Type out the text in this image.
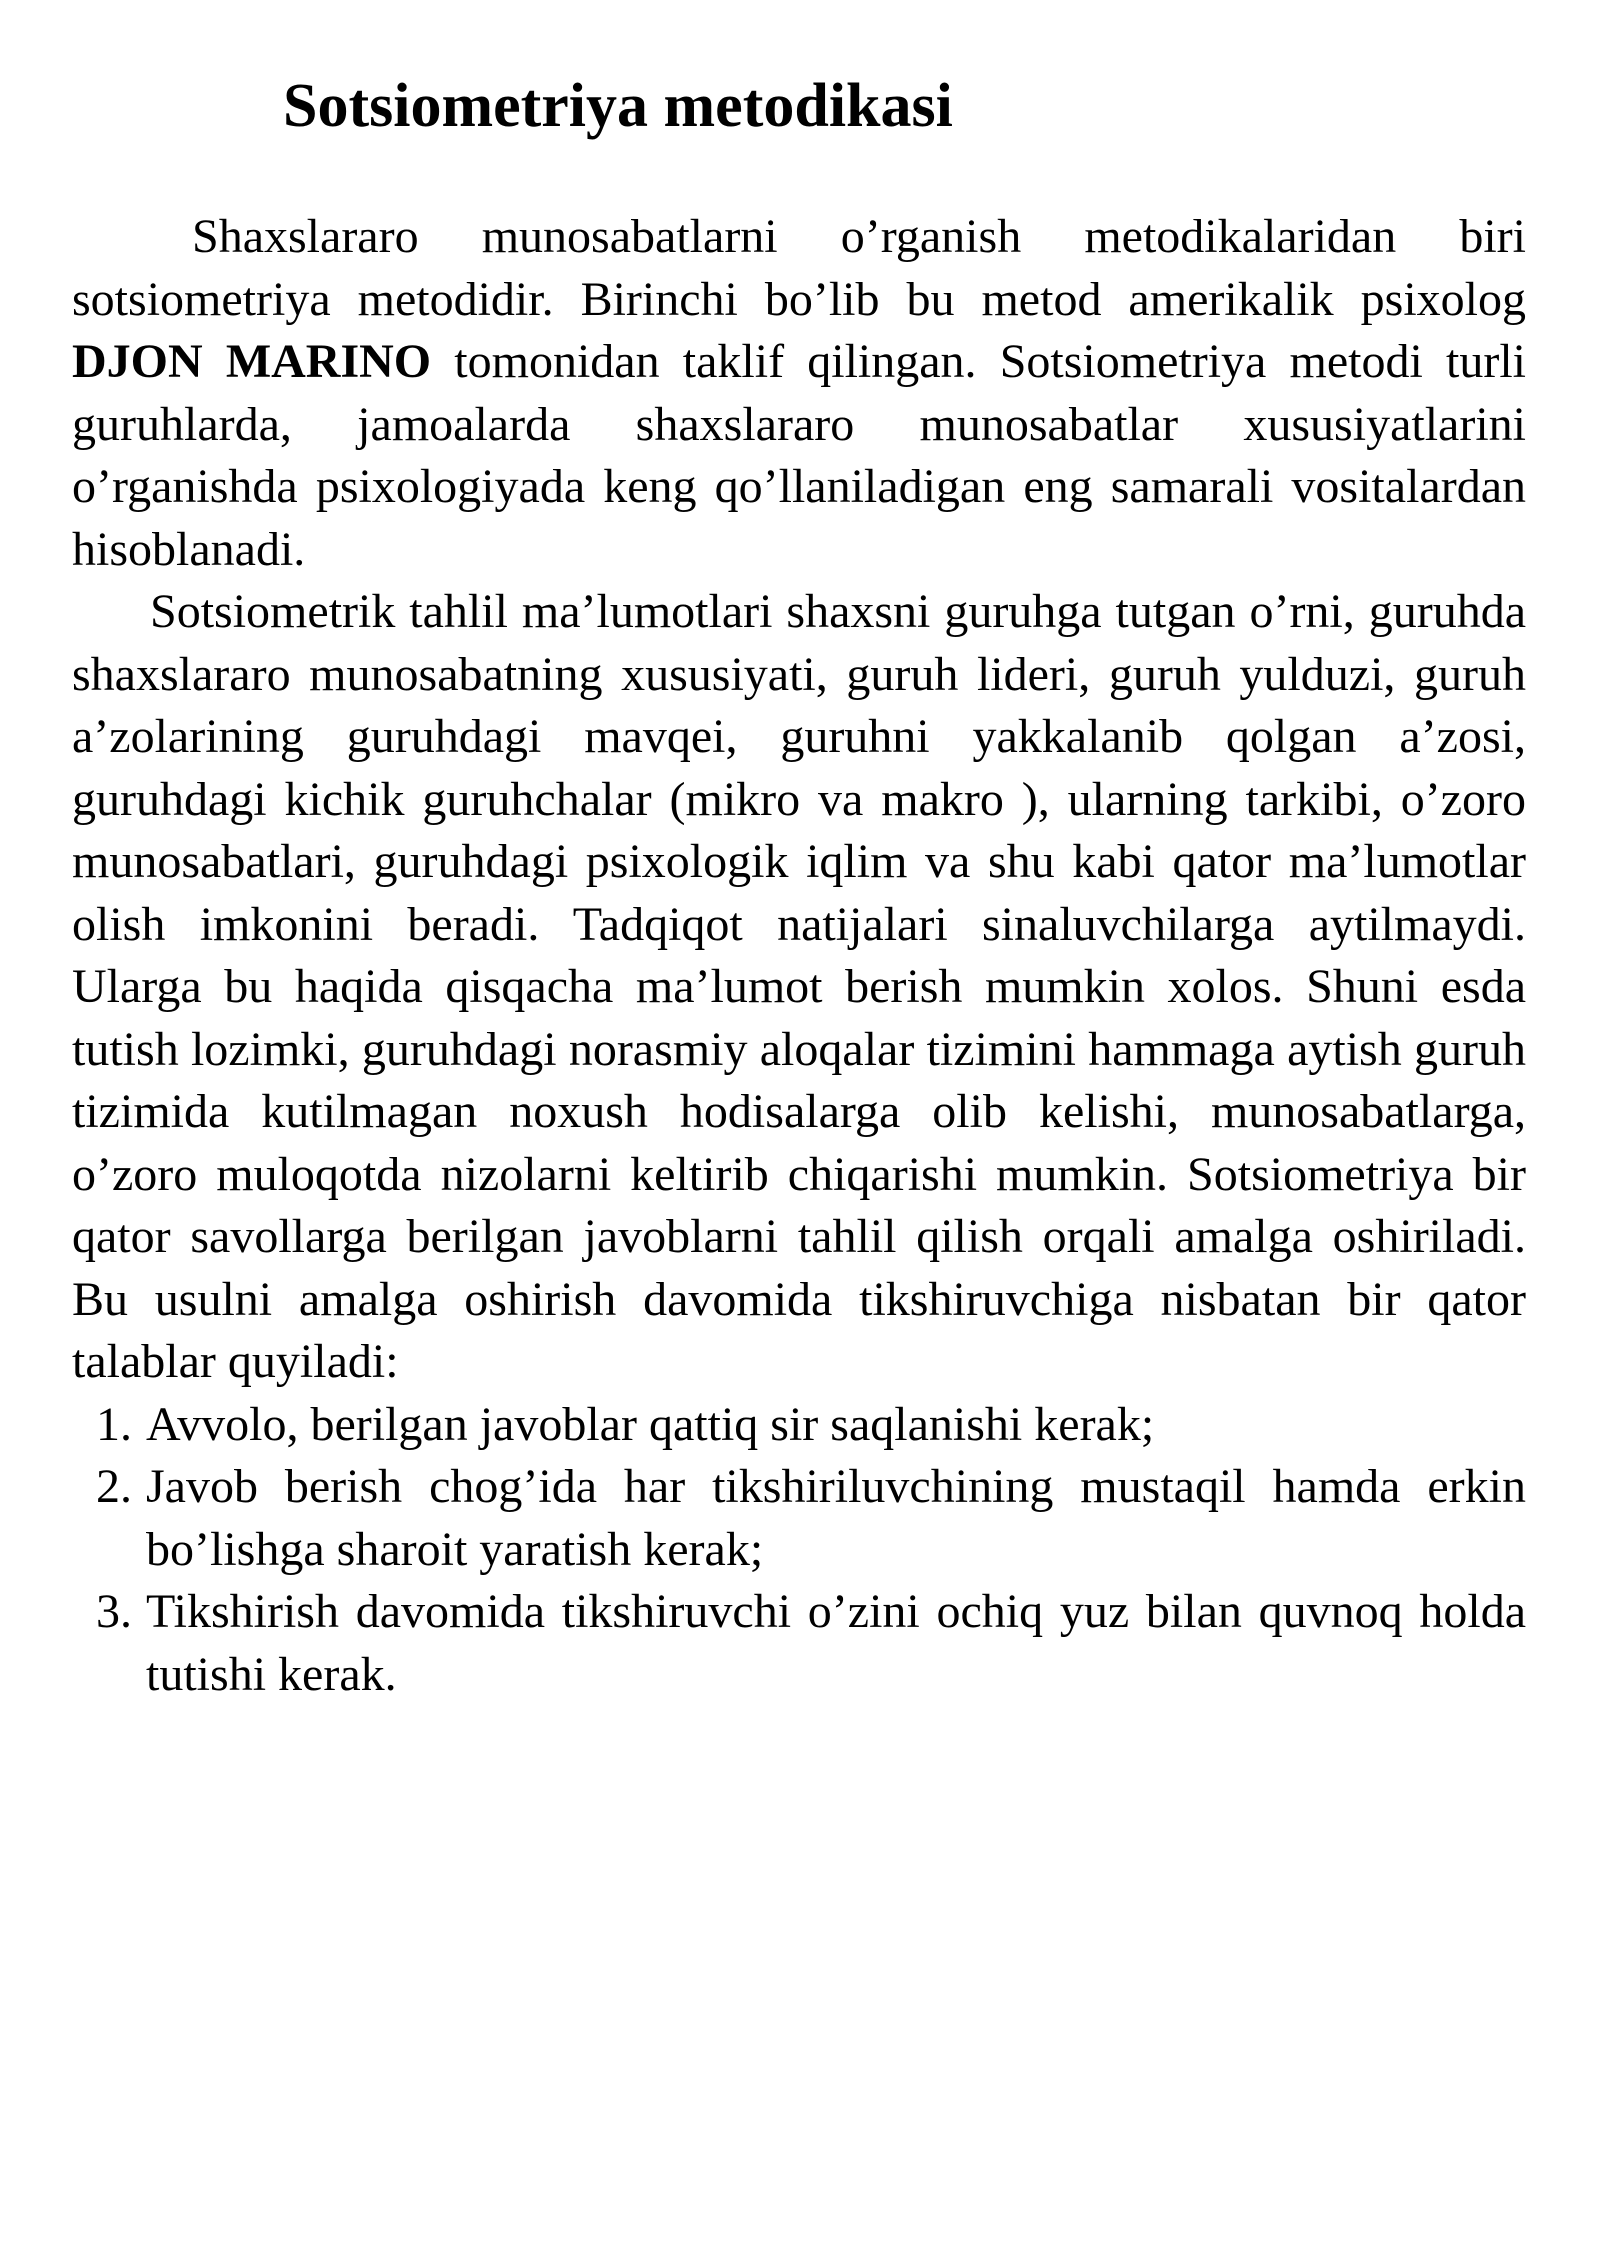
Sotsiometriya metodikasi

Shaxslararo munosabatlarni o’rganish metodikalaridan biri sotsiometriya metodidir. Birinchi bo’lib bu metod amerikalik psixolog DJON MARINO tomonidan taklif qilingan. Sotsiometriya metodi turli guruhlarda, jamoalarda shaxslararo munosabatlar xususiyatlarini o’rganishda psixologiyada keng qo’llaniladigan eng samarali vositalardan hisoblanadi.

Sotsiometrik tahlil ma’lumotlari shaxsni guruhga tutgan o’rni, guruhda shaxslararo munosabatning xususiyati, guruh lideri, guruh yulduzi, guruh a’zolarining guruhdagi mavqei, guruhni yakkalanib qolgan a’zosi, guruhdagi kichik guruhchalar (mikro va makro ), ularning tarkibi, o’zoro munosabatlari, guruhdagi psixologik iqlim va shu kabi qator ma’lumotlar olish imkonini beradi. Tadqiqot natijalari sinaluvchilarga aytilmaydi. Ularga bu haqida qisqacha ma’lumot berish mumkin xolos. Shuni esda tutish lozimki, guruhdagi norasmiy aloqalar tizimini hammaga aytish guruh tizimida kutilmagan noxush hodisalarga olib kelishi, munosabatlarga, o’zoro muloqotda nizolarni keltirib chiqarishi mumkin. Sotsiometriya bir qator savollarga berilgan javoblarni tahlil qilish orqali amalga oshiriladi. Bu usulni amalga oshirish davomida tikshiruvchiga nisbatan bir qator talablar quyiladi:

1. Avvolo, berilgan javoblar qattiq sir saqlanishi kerak;
2. Javob berish chog’ida har tikshiriluvchining mustaqil hamda erkin bo’lishga sharoit yaratish kerak;
3. Tikshirish davomida tikshiruvchi o’zini ochiq yuz bilan quvnoq holda tutishi kerak.
